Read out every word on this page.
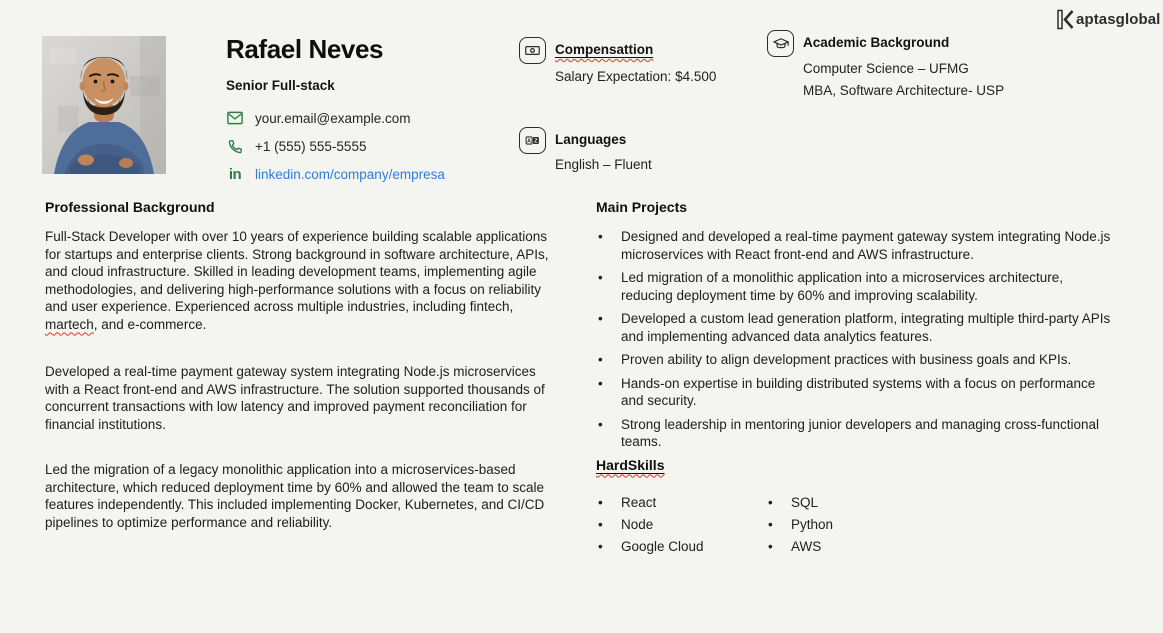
Rafael Neves
Senior Full-stack
your.email@example.com
+1 (555) 555-5555
in linkedin.com/company/empresa
Compensattion
Salary Expectation: $4.500
A Z Languages
English – Fluent
Academic Background
Computer Science – UFMG
MBA, Software Architecture- USP
aptasglobal
Professional Background

Full-Stack Developer with over 10 years of experience building scalable applications for startups and enterprise clients. Strong background in software architecture, APIs, and cloud infrastructure. Skilled in leading development teams, implementing agile methodologies, and delivering high-performance solutions with a focus on reliability and user experience. Experienced across multiple industries, including fintech, martech, and e-commerce.

Developed a real-time payment gateway system integrating Node.js microservices with a React front-end and AWS infrastructure. The solution supported thousands of concurrent transactions with low latency and improved payment reconciliation for financial institutions.

Led the migration of a legacy monolithic application into a microservices-based architecture, which reduced deployment time by 60% and allowed the team to scale features independently. This included implementing Docker, Kubernetes, and CI/CD pipelines to optimize performance and reliability.

Main Projects
• Designed and developed a real-time payment gateway system integrating Node.js microservices with React front-end and AWS infrastructure.
• Led migration of a monolithic application into a microservices architecture, reducing deployment time by 60% and improving scalability.
• Developed a custom lead generation platform, integrating multiple third-party APIs and implementing advanced data analytics features.
• Proven ability to align development practices with business goals and KPIs.
• Hands-on expertise in building distributed systems with a focus on performance and security.
• Strong leadership in mentoring junior developers and managing cross-functional teams.
HardSkills
• React
• Node
• Google Cloud
• SQL
• Python
• AWS
